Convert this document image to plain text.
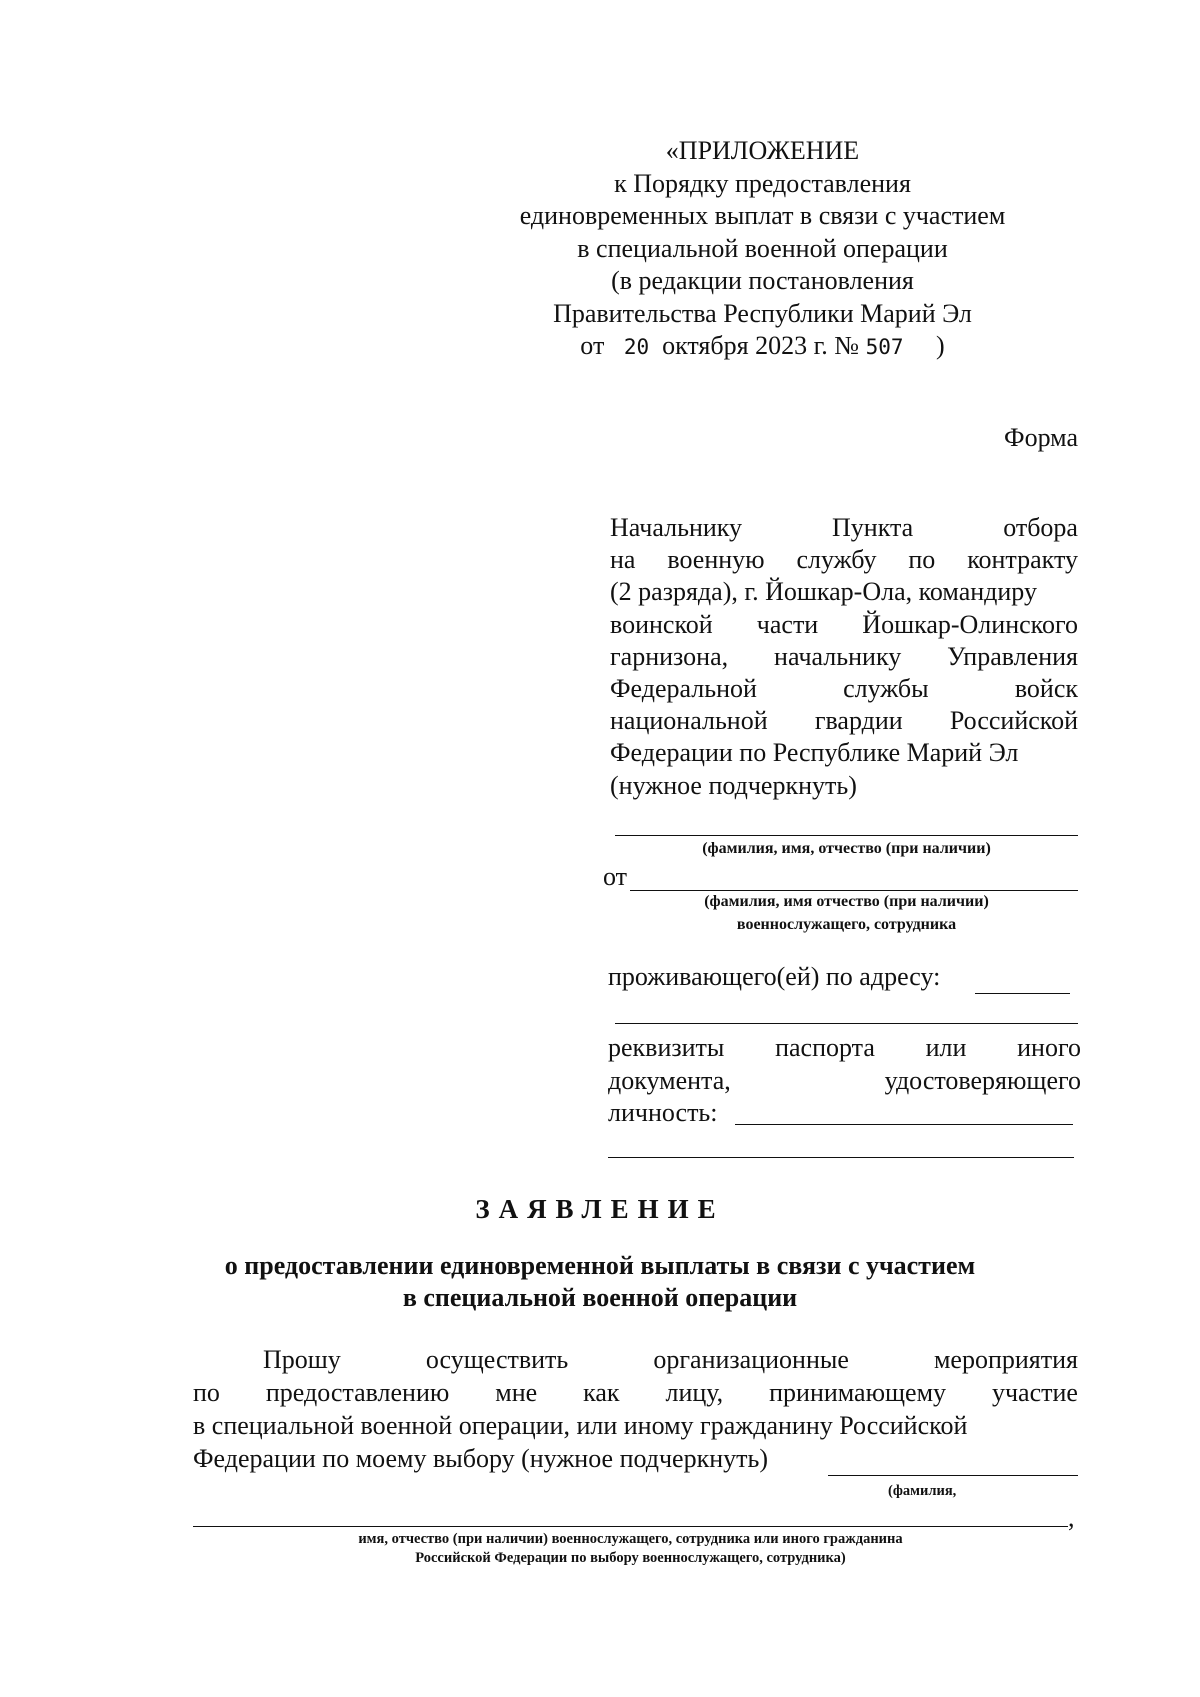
«ПРИЛОЖЕНИЕ
к Порядку предоставления
единовременных выплат в связи с участием
в специальной военной операции
(в редакции постановления
Правительства Республики Марий Эл
от 20 октября 2023 г. № 507 )
Форма
Начальнику	Пункта	отбора
на военную службу по контракту
(2 разряда), г. Йошкар-Ола, командиру
воинской части Йошкар-Олинского
гарнизона, начальнику Управления
Федеральной	службы	войск
национальной гвардии Российской
Федерации по Республике Марий Эл
(нужное подчеркнуть)
(фамилия, имя, отчество (при наличии)
от
(фамилия, имя отчество (при наличии)
военнослужащего, сотрудника
проживающего(ей) по адресу:
реквизиты паспорта или иного
документа,	удостоверяющего
личность:
ЗАЯВЛЕНИЕ
о предоставлении единовременной выплаты в связи с участием
в специальной военной операции
Прошу	осуществить	организационные	мероприятия
по предоставлению мне как лицу, принимающему участие
в специальной военной операции, или иному гражданину Российской
Федерации по моему выбору (нужное подчеркнуть)
(фамилия,
,
имя, отчество (при наличии) военнослужащего, сотрудника или иного гражданина
Российской Федерации по выбору военнослужащего, сотрудника)
